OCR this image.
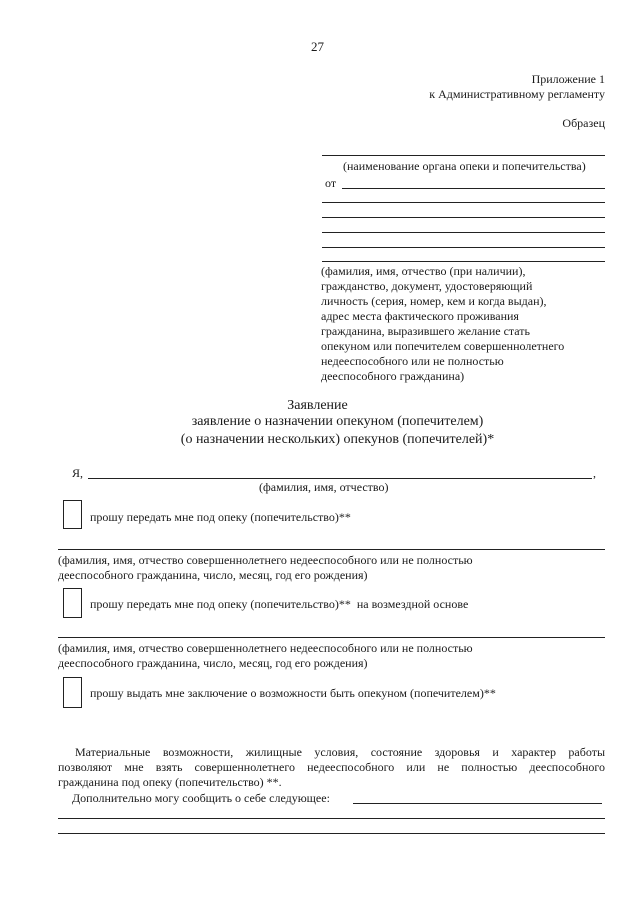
27
Приложение 1
к Административному регламенту
Образец
(наименование органа опеки и попечительства)
от
(фамилия, имя, отчество (при наличии),
гражданство, документ, удостоверяющий
личность (серия, номер, кем и когда выдан),
адрес места фактического проживания
гражданина, выразившего желание стать
опекуном или попечителем совершеннолетнего
недееспособного или не полностью
дееспособного гражданина)
Заявление
заявление о назначении опекуном (попечителем)
(о назначении нескольких) опекунов (попечителей)*
Я,	,
(фамилия, имя, отчество)
прошу передать мне под опеку (попечительство)**
(фамилия, имя, отчество совершеннолетнего недееспособного или не полностью
дееспособного гражданина, число, месяц, год его рождения)
прошу передать мне под опеку (попечительство)**  на возмездной основе
(фамилия, имя, отчество совершеннолетнего недееспособного или не полностью
дееспособного гражданина, число, месяц, год его рождения)
прошу выдать мне заключение о возможности быть опекуном (попечителем)**
Материальные возможности, жилищные условия, состояние здоровья и характер работы
позволяют мне взять совершеннолетнего недееспособного или не полностью дееспособного
гражданина под опеку (попечительство) **.
Дополнительно могу сообщить о себе следующее:
